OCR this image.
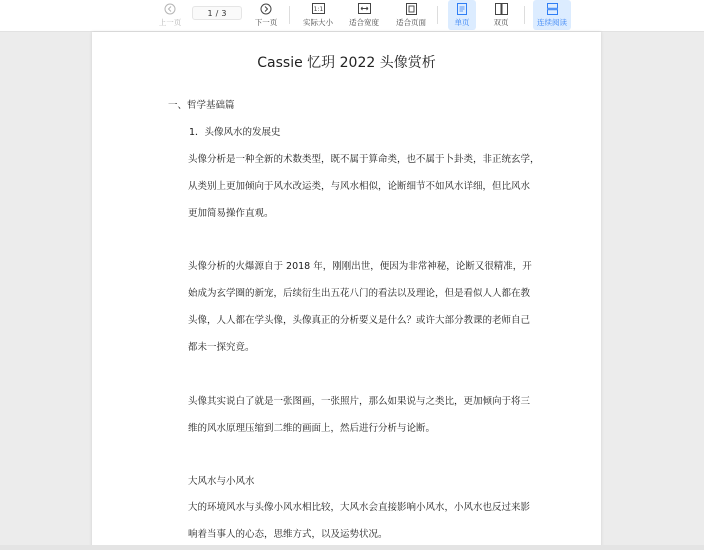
上一页
1 / 3
下一页
1:1
实际大小 适合宽度 适合页面	单页	双页	连续阅读
Cassie 忆玥 2022 头像赏析
一、哲学基础篇
1．头像风水的发展史
头像分析是一种全新的术数类型，既不属于算命类，也不属于卜卦类，非正统玄学，
从类别上更加倾向于风水改运类，与风水相似，论断细节不如风水详细，但比风水
更加简易操作直观。
头像分析的火爆源自于 2018 年，刚刚出世，便因为非常神秘，论断又很精准，开
始成为玄学圈的新宠，后续衍生出五花八门的看法以及理论，但是看似人人都在教
头像，人人都在学头像，头像真正的分析要义是什么？或许大部分教课的老师自己
都未一探究竟。
头像其实说白了就是一张图画，一张照片，那么如果说与之类比，更加倾向于将三
维的风水原理压缩到二维的画面上，然后进行分析与论断。
大风水与小风水
大的环境风水与头像小风水相比较，大风水会直接影响小风水，小风水也反过来影
响着当事人的心态，思维方式，以及运势状况。
